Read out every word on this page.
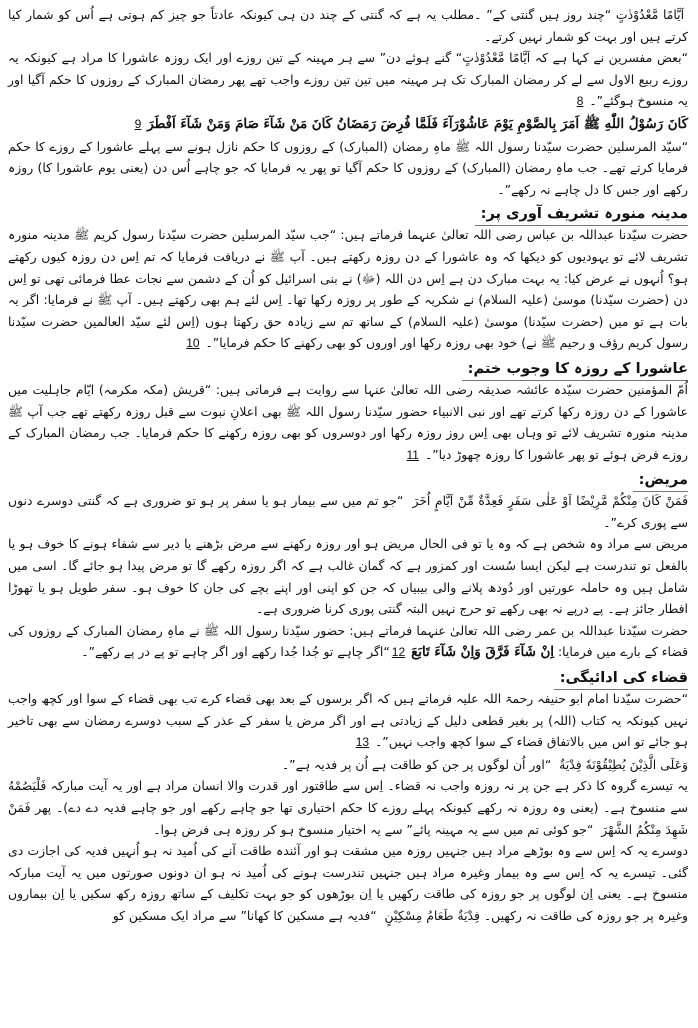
‏ اَيَّامًا مَّعْدُوْدٰتٍ ‏“چند روز ہیں گنتی کے” ۔مطلب یہ ہے کہ گنتی کے چند دن ہی کیونکہ عادتاً جو چیز کم ہوتی ہے اُس کو شمار کیا کرتے ہیں اور بہت کو شمار نہیں کرتے۔

“بعض مفسرین نے کہا ہے کہ اَيَّامًا مَّعْدُوْدٰتٍ“ گنے ہوئے دن” سے ہر مہینہ کے تین روزے اور ایک روزہ عاشورا کا مراد ہے کیونکہ یہ روزے ربیع الاول سے لے کر رمضان المبارک تک ہر مہینہ میں تین تین روزے واجب تھے پھر رمضان المبارک کے روزوں کا حکم آگیا اور یہ منسوخ ہوگئے”۔ 8

كَانَ رَسُوْلُ اللّٰهِ ﷺ اَمَرَ بِالصَّوْمِ يَوْمَ عَاشُوْرَآءَ فَلَمَّا فُرِضَ رَمَضَانُ كَانَ مَنْ شَآءَ صَامَ وَمَنْ شَآءَ اَفْطَرَ 9

“سیّد المرسلین حضرت سیّدنا رسول اللہ ﷺ ماہِ رمضان (المبارک) کے روزوں کا حکم نازل ہونے سے پہلے عاشورا کے روزے کا حکم فرمایا کرتے تھے۔ جب ماہِ رمضان (المبارک) کے روزوں کا حکم آگیا تو پھر یہ فرمایا کہ جو چاہے اُس دن (یعنی یوم عاشورا کا) روزہ رکھے اور جس کا دل چاہے نہ رکھے”۔

مدینہ منورہ تشریف آوری پر:

حضرت سیّدنا عبداللہ بن عباس رضی اللہ تعالیٰ عنہما فرماتے ہیں: “جب سیّد المرسلین حضرت سیّدنا رسول کریم ﷺ مدینہ منورہ تشریف لائے تو یہودیوں کو دیکھا کہ وہ عاشورا کے دن روزہ رکھتے ہیں۔ آپ ﷺ نے دریافت فرمایا کہ تم اِس دن روزہ کیوں رکھتے ہو؟ اُنہوں نے عرض کیا: یہ بہت مبارک دن ہے اِس دن اللہ (ﷻ) نے بنی اسرائیل کو اُن کے دشمن سے نجات عطا فرمائی تھی تو اِس دن (حضرت سیّدنا) موسیٰ (علیہ السلام) نے شکریہ کے طور پر روزہ رکھا تھا۔ اِس لئے ہم بھی رکھتے ہیں۔ آپ ﷺ نے فرمایا: اگر یہ بات ہے تو میں (حضرت سیّدنا) موسیٰ (علیہ السلام) کے ساتھ تم سے زیادہ حق رکھتا ہوں (اِس لئے سیّد العالمین حضرت سیّدنا رسول کریم رؤف و رحیم ﷺ نے) خود بھی روزہ رکھا اور اوروں کو بھی رکھنے کا حکم فرمایا”۔ 10

عاشورا کے روزہ کا وجوب ختم:

اُمّ المؤمنین حضرت سیّدہ عائشہ صدیقہ رضی اللہ تعالیٰ عنہا سے روایت ہے فرماتی ہیں: “قریش (مکہ مکرمہ) ایّام جاہلیت میں عاشورا کے دن روزہ رکھا کرتے تھے اور نبی الانبیاء حضور سیّدنا رسول اللہ ﷺ بھی اعلانِ نبوت سے قبل روزہ رکھتے تھے جب آپ ﷺ مدینہ منورہ تشریف لائے تو وہاں بھی اِس روز روزہ رکھا اور دوسروں کو بھی روزہ رکھنے کا حکم فرمایا۔ جب رمضان المبارک کے روزے فرض ہوئے تو پھر عاشورا کا روزہ چھوڑ دیا”۔ 11

مریض:

فَمَنْ كَانَ مِنْكُمْ مَّرِيْضًا اَوْ عَلٰى سَفَرٍ فَعِدَّةٌ مِّنْ اَيَّامٍ اُخَرَ ‏ “جو تم میں سے بیمار ہو یا سفر پر ہو تو ضروری ہے کہ گنتی دوسرے دنوں سے پوری کرے”۔

مریض سے مراد وہ شخص ہے کہ وہ یا تو فی الحال مریض ہو اور روزہ رکھنے سے مرض بڑھنے یا دیر سے شفاء ہونے کا خوف ہو یا بالفعل تو تندرست ہے لیکن ایسا سُست اور کمزور ہے کہ گمان غالب ہے کہ اگر روزہ رکھے گا تو مرض پیدا ہو جائے گا۔ اسی میں شامل ہیں وہ حاملہ عورتیں اور دُودھ پلانے والی بیبیاں کہ جن کو اپنی اور اپنے بچے کی جان کا خوف ہو۔ سفر طویل ہو یا تھوڑا افطار جائز ہے۔ پے درپے نہ بھی رکھے تو حرج نہیں البتہ گنتی پوری کرنا ضروری ہے۔

حضرت سیّدنا عبداللہ بن عمر رضی اللہ تعالیٰ عنہما فرماتے ہیں: حضور سیّدنا رسول اللہ ﷺ نے ماہِ رمضان المبارک کے روزوں کی قضاء کے بارے میں فرمایا: اِنْ شَآءَ فَرَّقَ وَاِنْ شَآءَ تَابَعَ 12“اگر چاہے تو جُدا جُدا رکھے اور اگر چاہے تو پے در پے رکھے”۔

قضاء کی ادائیگی:

“حضرت سیّدنا امام ابو حنیفہ رحمۃ اللہ علیہ فرماتے ہیں کہ اگر برسوں کے بعد بھی قضاء کرے تب بھی قضاء کے سوا اور کچھ واجب نہیں کیونکہ یہ کتاب (اللہ) پر بغیر قطعی دلیل کے زیادتی ہے اور اگر مرض یا سفر کے عذر کے سبب دوسرے رمضان سے بھی تاخیر ہو جائے تو اس میں بالاتفاق قضاء کے سوا کچھ واجب نہیں”۔ 13

وَعَلَى الَّذِيْنَ يُطِيْقُوْنَهٗ فِدْيَةٌ ‏ “اور اُن لوگوں پر جن کو طاقت ہے اُن پر فدیہ ہے”۔

یہ تیسرے گروہ کا ذکر ہے جن پر نہ روزہ واجب نہ قضاء۔ اِس سے طاقتور اور قدرت والا انسان مراد ہے اور یہ آیت مبارکہ فَلْيَصُمْهُ سے منسوخ ہے۔ (یعنی وہ روزہ نہ رکھے کیونکہ پہلے روزے کا حکم اختیاری تھا جو چاہے رکھے اور جو چاہے فدیہ دے دے)۔ پھر فَمَنْ شَهِدَ مِنْكُمُ الشَّهْرَ ‏ “جو کوئی تم میں سے یہ مہینہ پائے” سے یہ اختیار منسوخ ہو کر روزہ ہی فرض ہوا۔

دوسرے یہ کہ اِس سے وہ بوڑھے مراد ہیں جنہیں روزہ میں مشقت ہو اور آئندہ طاقت آنے کی اُمید نہ ہو اُنہیں فدیہ کی اجازت دی گئی۔ تیسرے یہ کہ اِس سے وہ بیمار وغیرہ مراد ہیں جنہیں تندرست ہونے کی اُمید نہ ہو ان دونوں صورتوں میں یہ آیت مبارکہ منسوخ ہے۔ یعنی اِن لوگوں پر جو روزہ کی طاقت رکھیں یا اِن بوڑھوں کو جو بہت تکلیف کے ساتھ روزہ رکھ سکیں یا اِن بیماروں وغیرہ پر جو روزہ کی طاقت نہ رکھیں۔ فِدْيَةٌ طَعَامُ مِسْكِيْنٍ ‏ “فدیہ ہے مسکین کا کھانا” سے مراد ایک مسکین کو
